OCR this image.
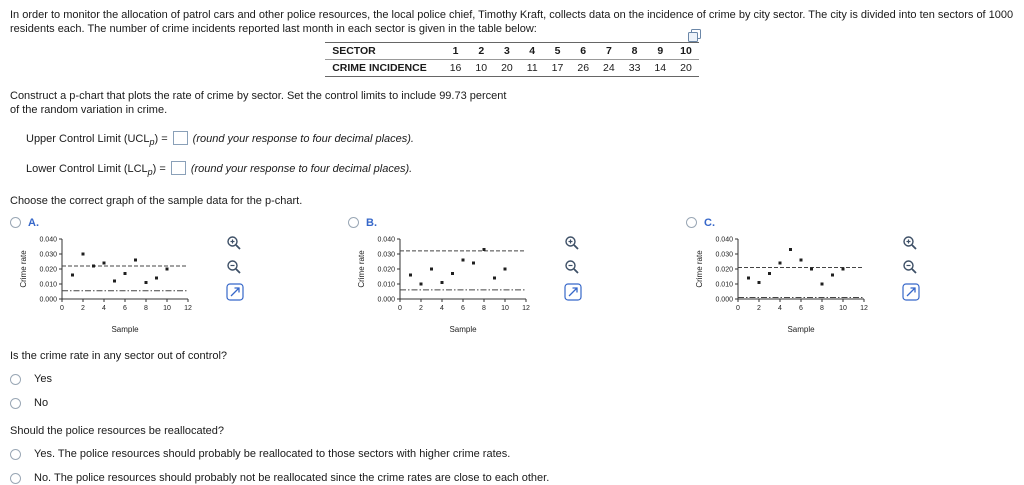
In order to monitor the allocation of patrol cars and other police resources, the local police chief, Timothy Kraft, collects data on the incidence of crime by city sector. The city is divided into ten sectors of 1000 residents each. The number of crime incidents reported last month in each sector is given in the table below:
SECTOR	1	2	3	4	5	6	7	8	9	10
CRIME INCIDENCE	16	10	20	11	17	26	24	33	14	20
Construct a p-chart that plots the rate of crime by sector. Set the control limits to include 99.73 percent of the random variation in crime.
Upper Control Limit $(UCL_p)$ = (round your response to four decimal places).
Lower Control Limit $(LCL_p)$ = (round your response to four decimal places).
Choose the correct graph of the sample data for the p-chart.
A.
0.040
0.030
0.020
0.010
0.000
0 2 4 6 8 10 12
Crime rate
Sample
B.
0.040
0.030
0.020
0.010
0.000
0 2 4 6 8 10 12
Crime rate
Sample
C.
0.040
0.030
0.020
0.010
0.000
0 2 4 6 8 10 12
Crime rate
Sample
Is the crime rate in any sector out of control?
Yes
No
Should the police resources be reallocated?
Yes. The police resources should probably be reallocated to those sectors with higher crime rates.
No. The police resources should probably not be reallocated since the crime rates are close to each other.
